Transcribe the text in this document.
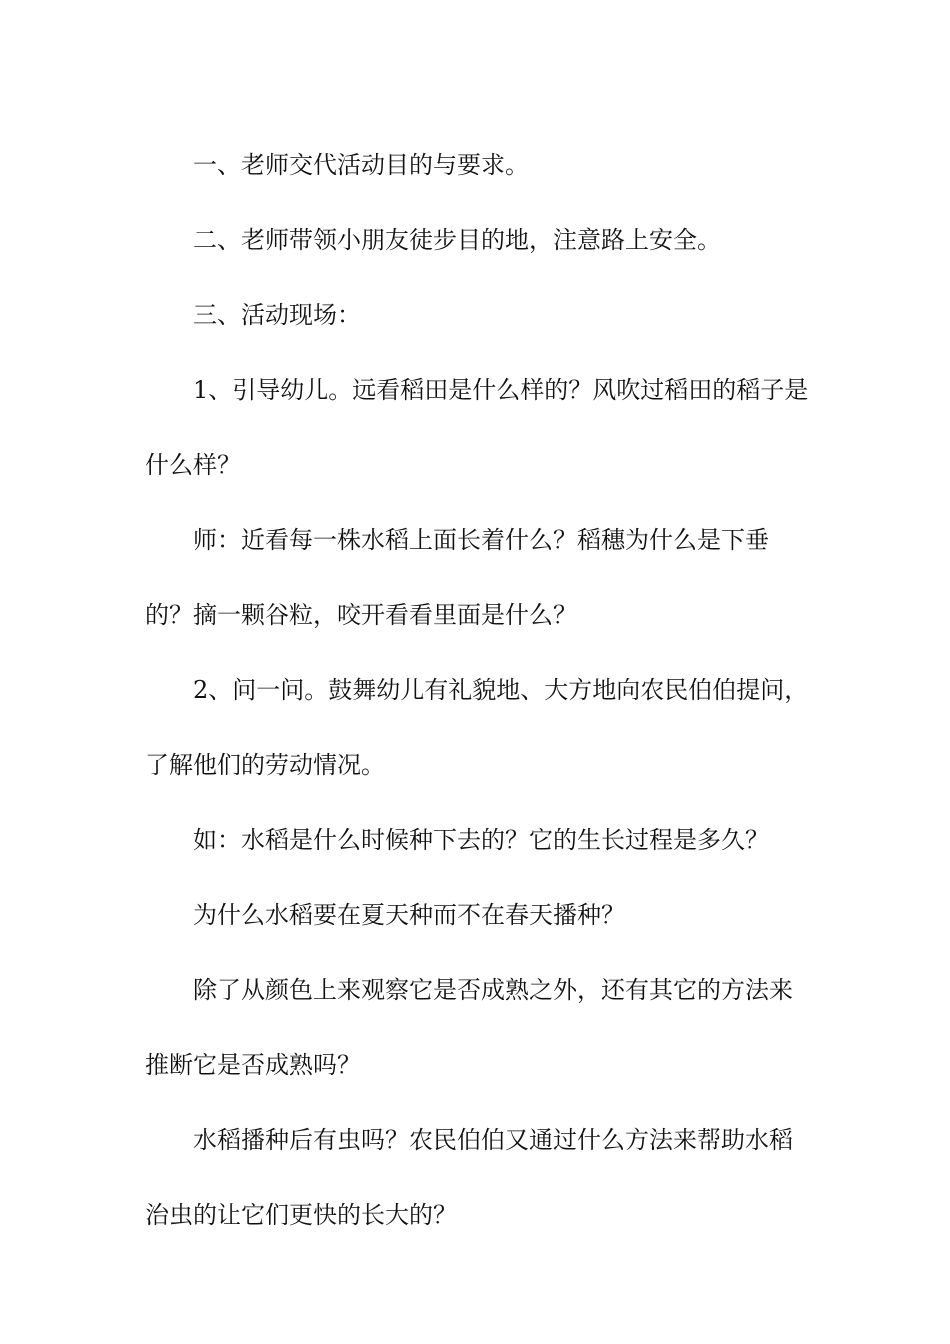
一、老师交代活动目的与要求。

二、老师带领小朋友徒步目的地，注意路上安全。

三、活动现场：

1、引导幼儿。远看稻田是什么样的？风吹过稻田的稻子是什么样？

师：近看每一株水稻上面长着什么？稻穗为什么是下垂的？摘一颗谷粒，咬开看看里面是什么？

2、问一问。鼓舞幼儿有礼貌地、大方地向农民伯伯提问，了解他们的劳动情况。

如：水稻是什么时候种下去的？它的生长过程是多久？

为什么水稻要在夏天种而不在春天播种？

除了从颜色上来观察它是否成熟之外，还有其它的方法来推断它是否成熟吗？

水稻播种后有虫吗？农民伯伯又通过什么方法来帮助水稻治虫的让它们更快的长大的？
